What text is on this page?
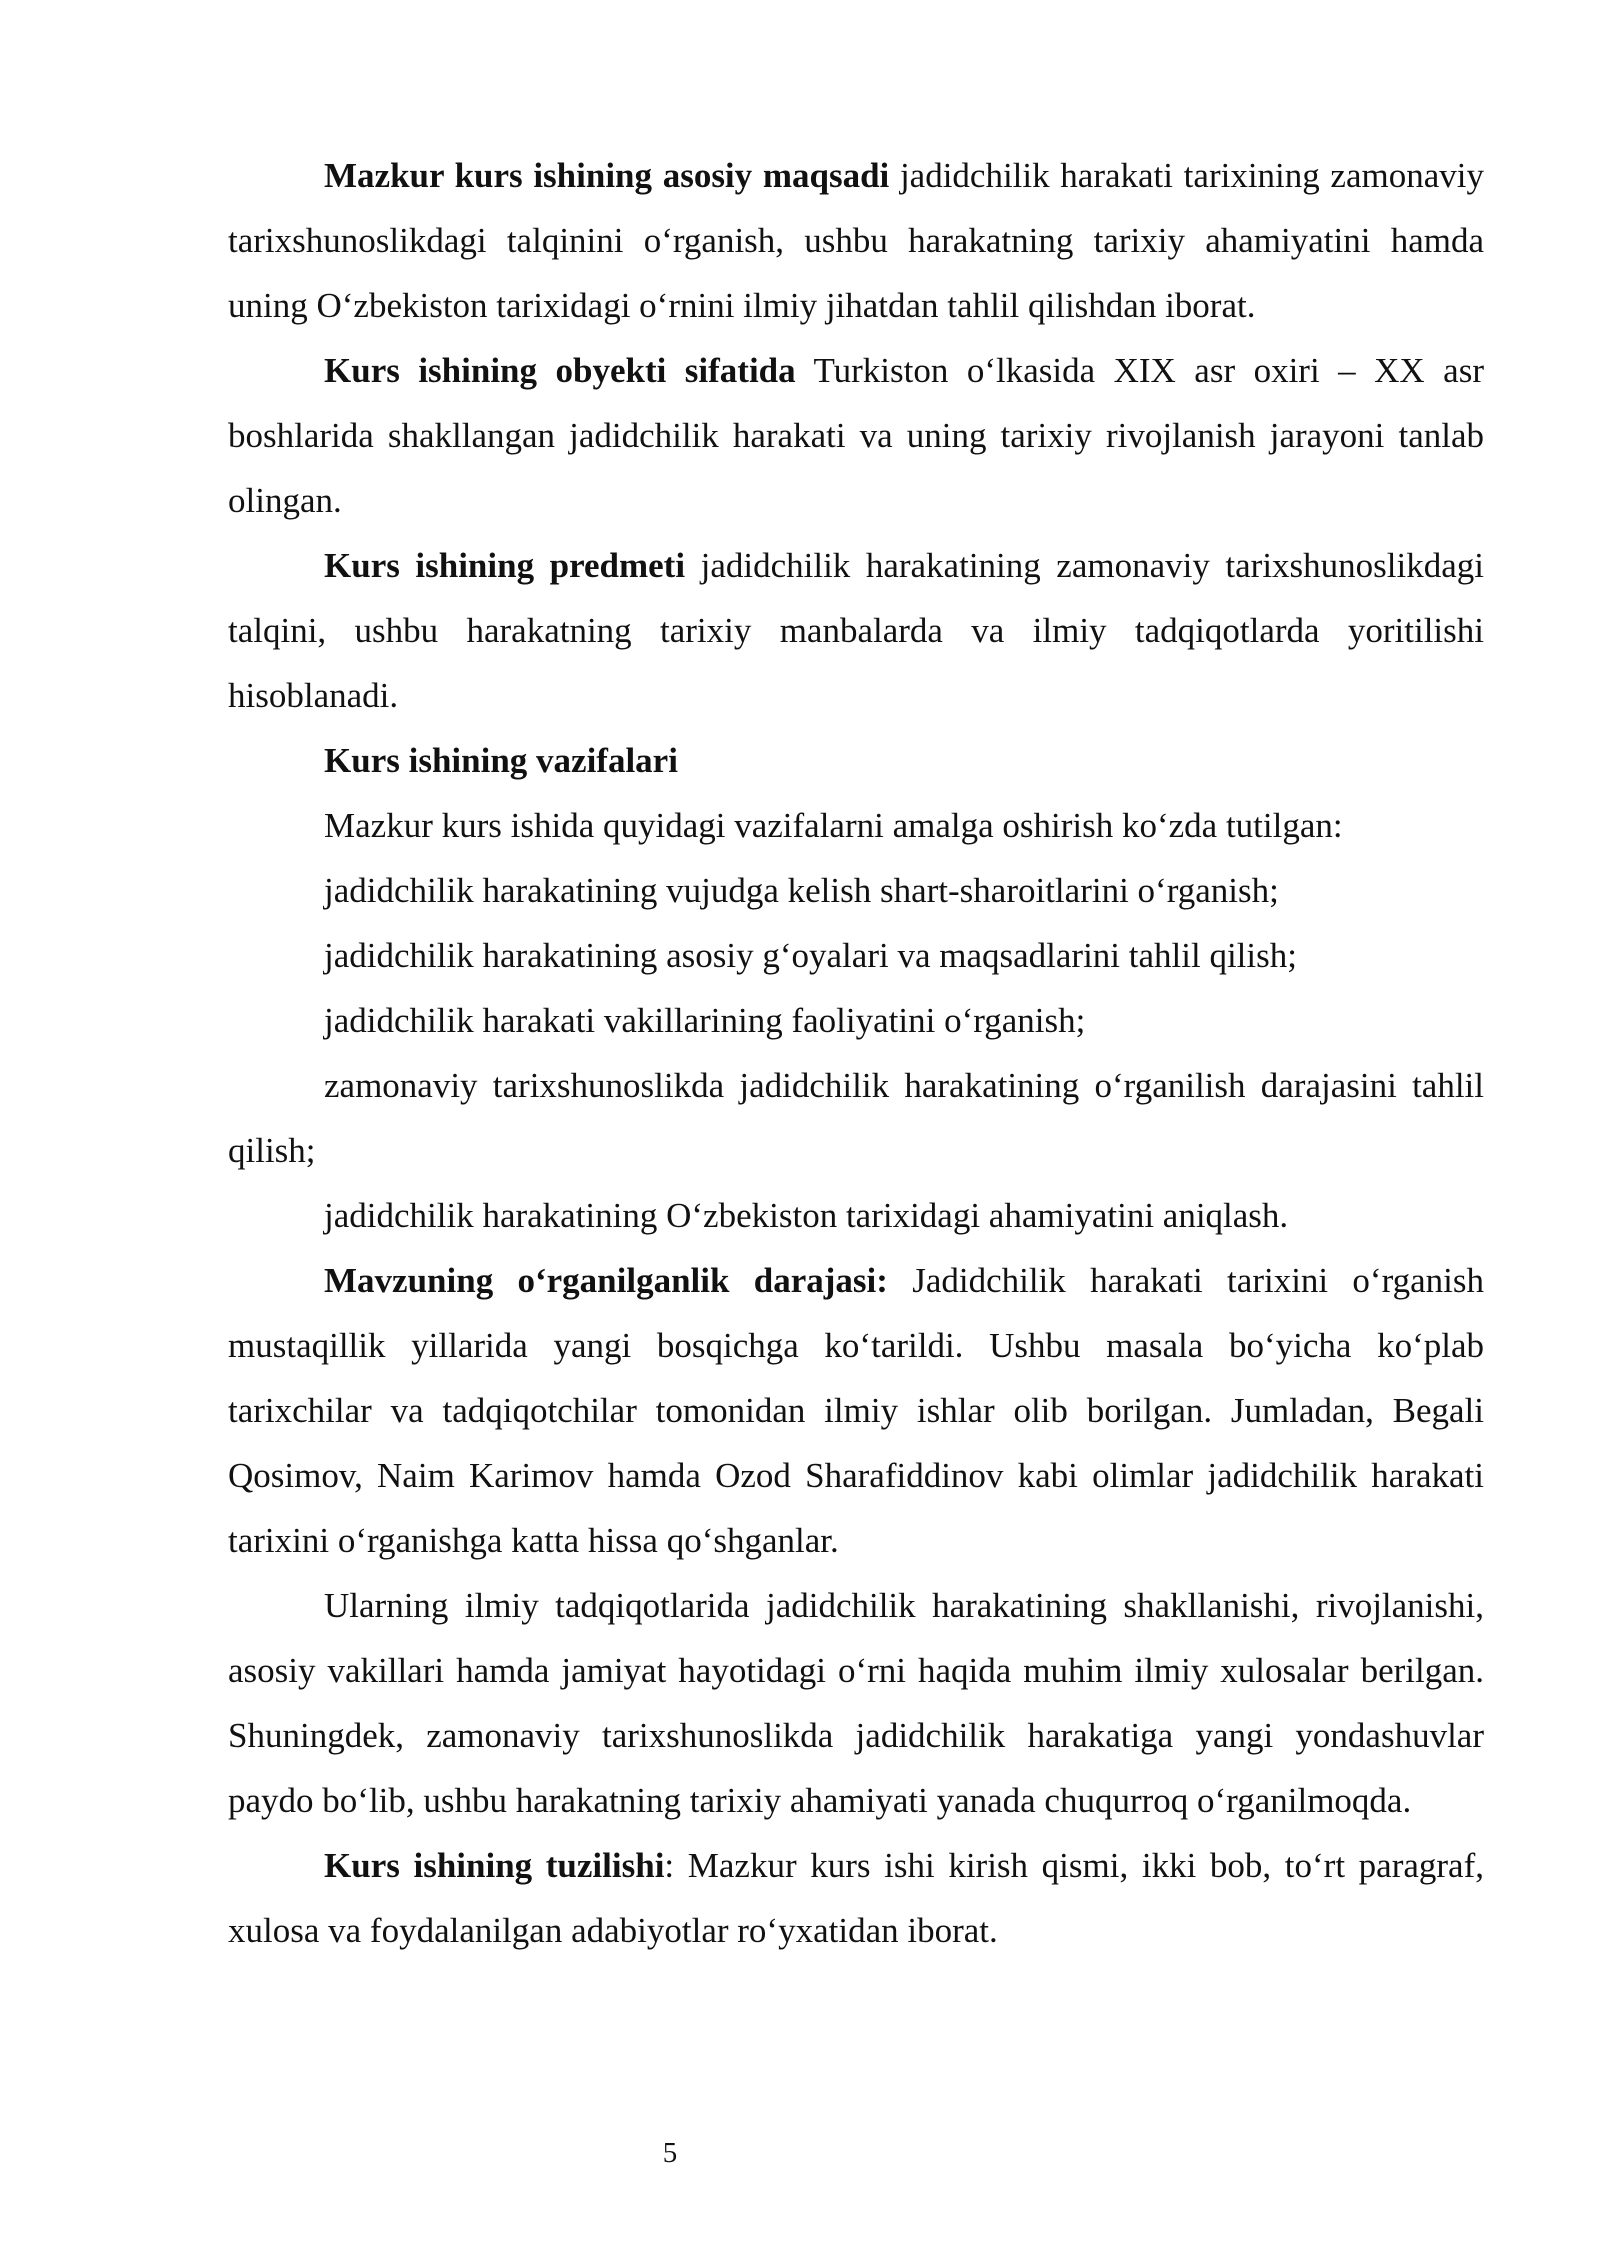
Mazkur kurs ishining asosiy maqsadi jadidchilik harakati tarixining zamonaviy tarixshunoslikdagi talqinini o‘rganish, ushbu harakatning tarixiy ahamiyatini hamda uning O‘zbekiston tarixidagi o‘rnini ilmiy jihatdan tahlil qilishdan iborat.

Kurs ishining obyekti sifatida Turkiston o‘lkasida XIX asr oxiri – XX asr boshlarida shakllangan jadidchilik harakati va uning tarixiy rivojlanish jarayoni tanlab olingan.

Kurs ishining predmeti jadidchilik harakatining zamonaviy tarixshunoslikdagi talqini, ushbu harakatning tarixiy manbalarda va ilmiy tadqiqotlarda yoritilishi hisoblanadi.

Kurs ishining vazifalari

Mazkur kurs ishida quyidagi vazifalarni amalga oshirish ko‘zda tutilgan:

jadidchilik harakatining vujudga kelish shart-sharoitlarini o‘rganish;

jadidchilik harakatining asosiy g‘oyalari va maqsadlarini tahlil qilish;

jadidchilik harakati vakillarining faoliyatini o‘rganish;

zamonaviy tarixshunoslikda jadidchilik harakatining o‘rganilish darajasini tahlil qilish;

jadidchilik harakatining O‘zbekiston tarixidagi ahamiyatini aniqlash.

Mavzuning o‘rganilganlik darajasi: Jadidchilik harakati tarixini o‘rganish mustaqillik yillarida yangi bosqichga ko‘tarildi. Ushbu masala bo‘yicha ko‘plab tarixchilar va tadqiqotchilar tomonidan ilmiy ishlar olib borilgan. Jumladan, Begali Qosimov, Naim Karimov hamda Ozod Sharafiddinov kabi olimlar jadidchilik harakati tarixini o‘rganishga katta hissa qo‘shganlar.

Ularning ilmiy tadqiqotlarida jadidchilik harakatining shakllanishi, rivojlanishi, asosiy vakillari hamda jamiyat hayotidagi o‘rni haqida muhim ilmiy xulosalar berilgan. Shuningdek, zamonaviy tarixshunoslikda jadidchilik harakatiga yangi yondashuvlar paydo bo‘lib, ushbu harakatning tarixiy ahamiyati yanada chuqurroq o‘rganilmoqda.

Kurs ishining tuzilishi: Mazkur kurs ishi kirish qismi, ikki bob, to‘rt paragraf, xulosa va foydalanilgan adabiyotlar ro‘yxatidan iborat.

5
